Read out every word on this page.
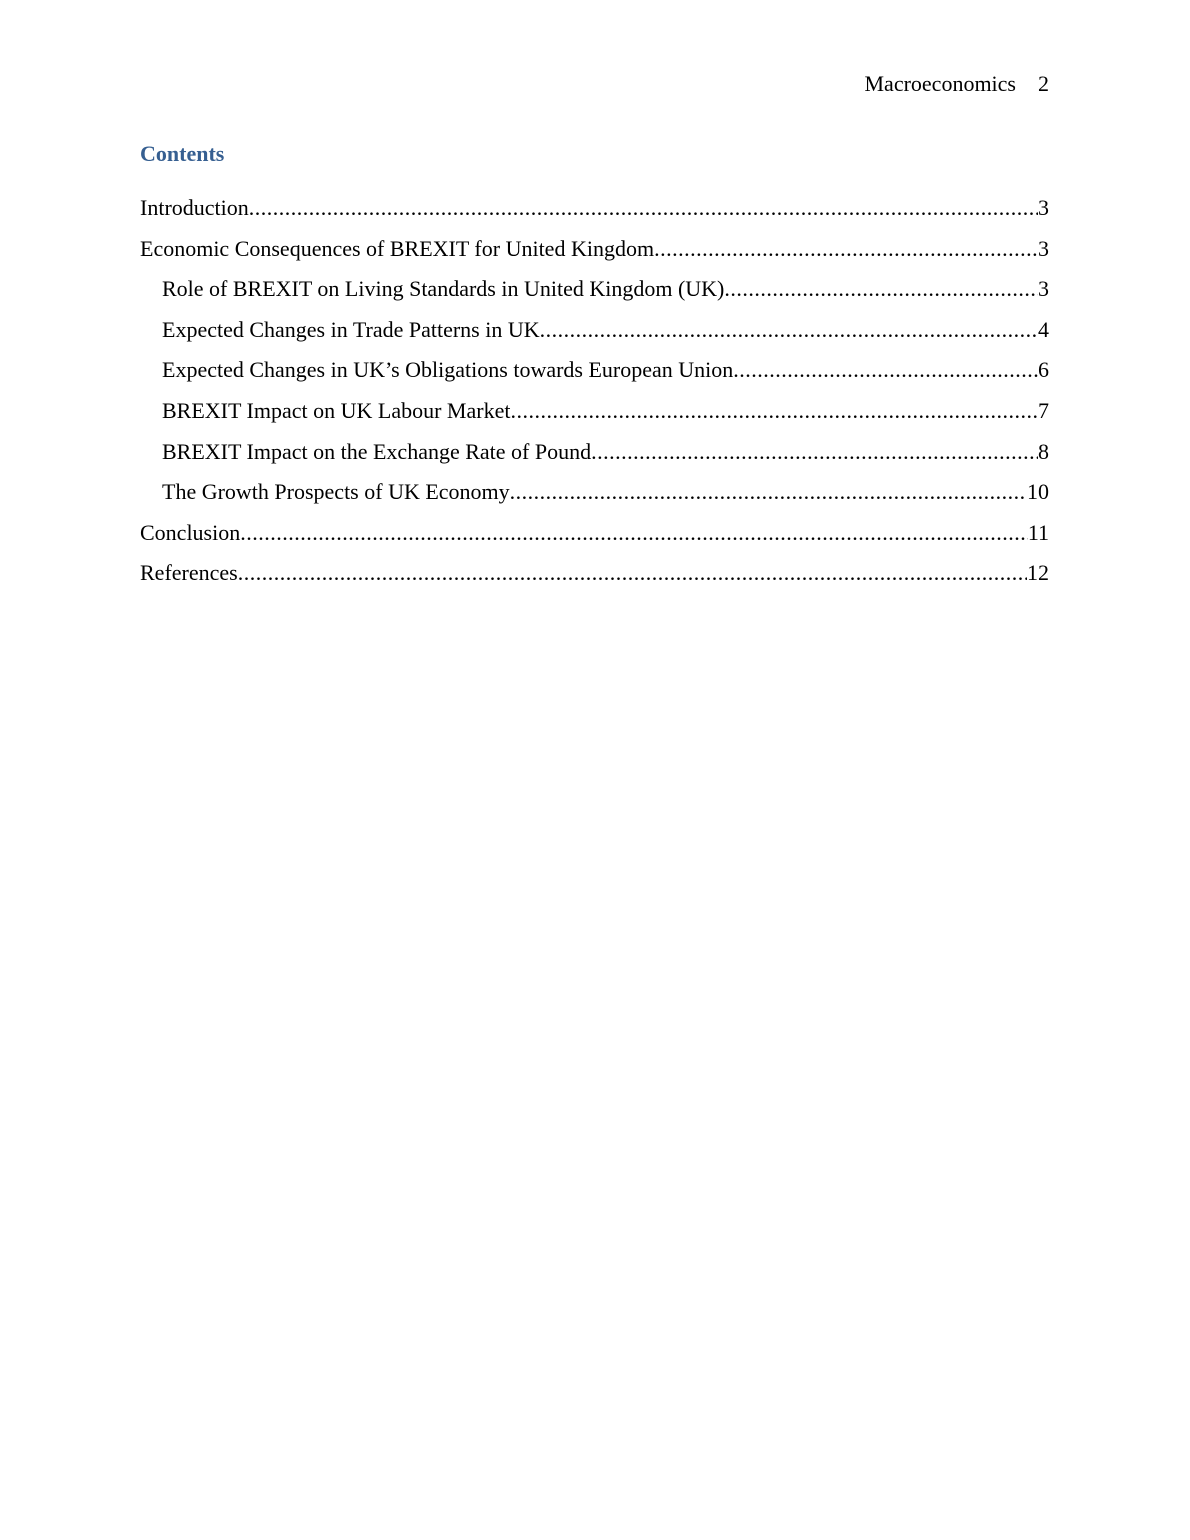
Macroeconomics 2
Contents
Introduction .....	3
Economic Consequences of BREXIT for United Kingdom .....	3
Role of BREXIT on Living Standards in United Kingdom (UK) .....	3
Expected Changes in Trade Patterns in UK .....	4
Expected Changes in UK’s Obligations towards European Union .....	6
BREXIT Impact on UK Labour Market .....	7
BREXIT Impact on the Exchange Rate of Pound .....	8
The Growth Prospects of UK Economy .....	10
Conclusion .....	11
References .....	12
